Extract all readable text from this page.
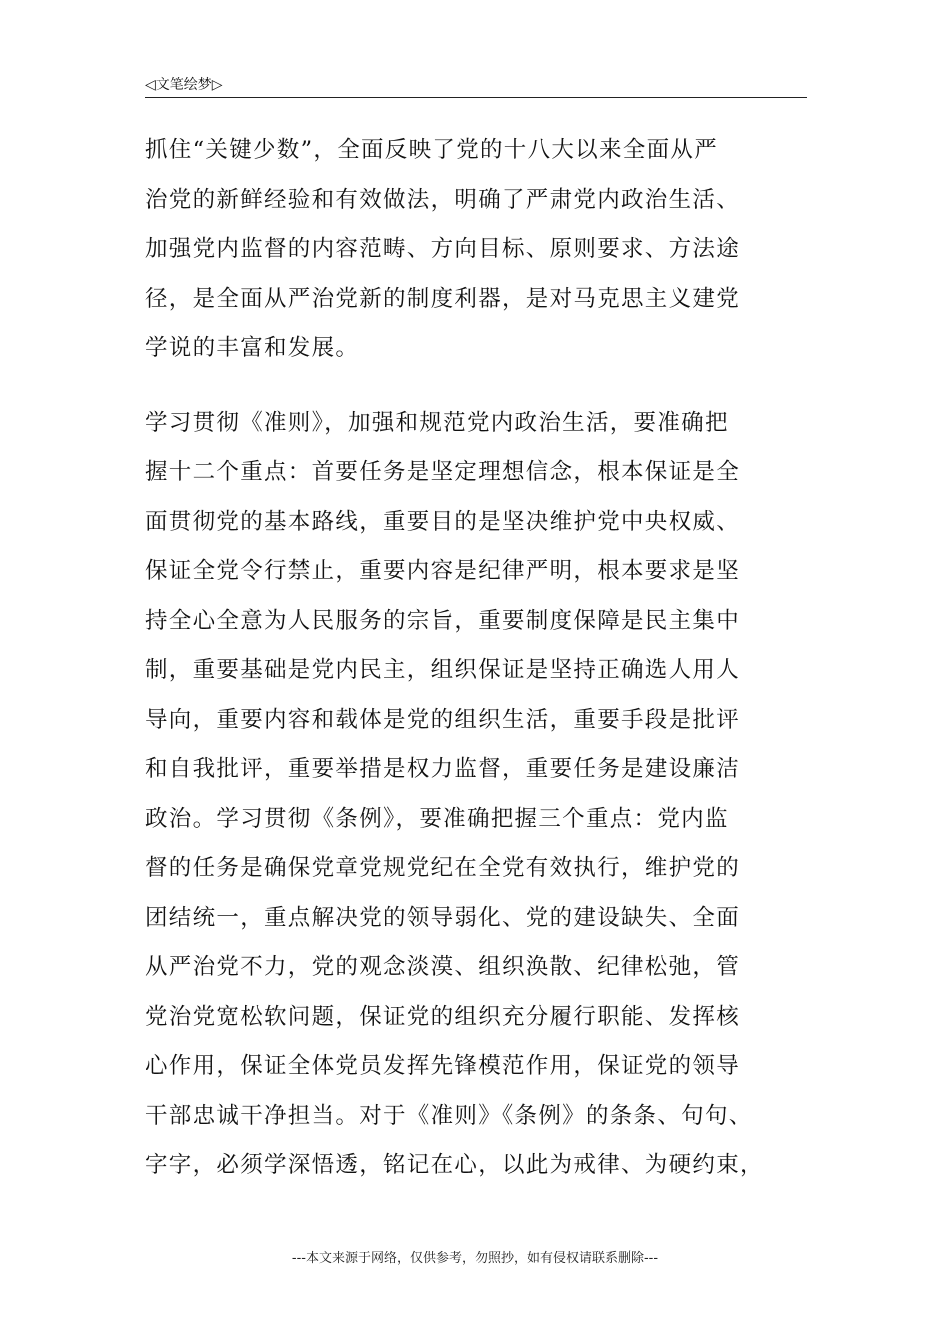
◁文笔绘梦▷
抓住“关键少数”，全面反映了党的十八大以来全面从严
治党的新鲜经验和有效做法，明确了严肃党内政治生活、
加强党内监督的内容范畴、方向目标、原则要求、方法途
径，是全面从严治党新的制度利器，是对马克思主义建党
学说的丰富和发展。
学习贯彻《准则》，加强和规范党内政治生活，要准确把
握十二个重点：首要任务是坚定理想信念，根本保证是全
面贯彻党的基本路线，重要目的是坚决维护党中央权威、
保证全党令行禁止，重要内容是纪律严明，根本要求是坚
持全心全意为人民服务的宗旨，重要制度保障是民主集中
制，重要基础是党内民主，组织保证是坚持正确选人用人
导向，重要内容和载体是党的组织生活，重要手段是批评
和自我批评，重要举措是权力监督，重要任务是建设廉洁
政治。学习贯彻《条例》，要准确把握三个重点：党内监
督的任务是确保党章党规党纪在全党有效执行，维护党的
团结统一，重点解决党的领导弱化、党的建设缺失、全面
从严治党不力，党的观念淡漠、组织涣散、纪律松弛，管
党治党宽松软问题，保证党的组织充分履行职能、发挥核
心作用，保证全体党员发挥先锋模范作用，保证党的领导
干部忠诚干净担当。对于《准则》《条例》的条条、句句、
字字，必须学深悟透，铭记在心，以此为戒律、为硬约束，
---本文来源于网络，仅供参考，勿照抄，如有侵权请联系删除---
